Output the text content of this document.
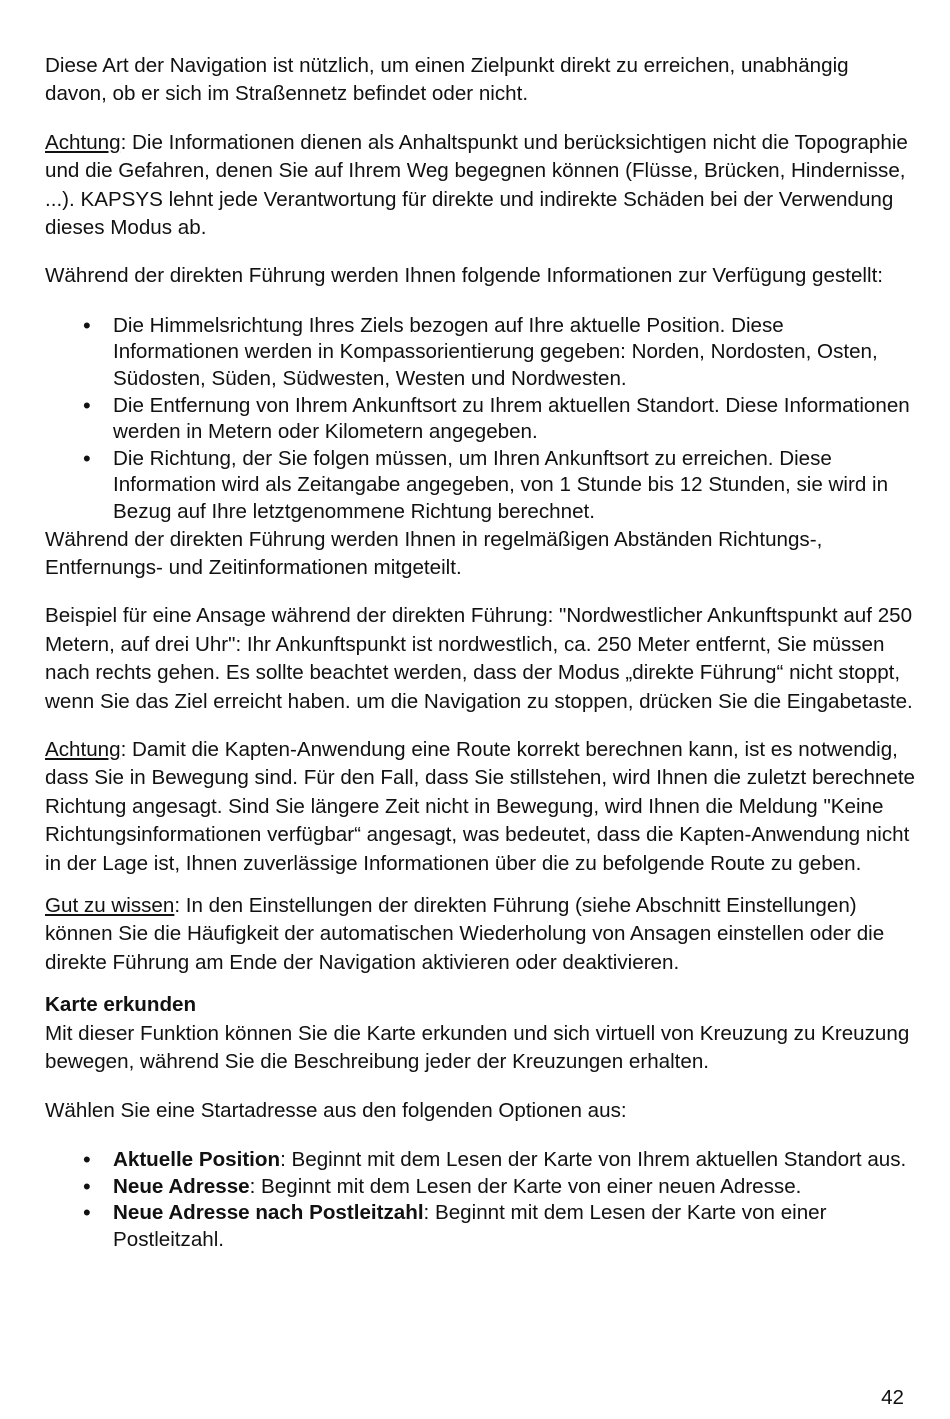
Diese Art der Navigation ist nützlich, um einen Zielpunkt direkt zu erreichen, unabhängig davon, ob er sich im Straßennetz befindet oder nicht.

Achtung: Die Informationen dienen als Anhaltspunkt und berücksichtigen nicht die Topographie und die Gefahren, denen Sie auf Ihrem Weg begegnen können (Flüsse, Brücken, Hindernisse, ...). KAPSYS lehnt jede Verantwortung für direkte und indirekte Schäden bei der Verwendung dieses Modus ab.

Während der direkten Führung werden Ihnen folgende Informationen zur Verfügung gestellt:

• Die Himmelsrichtung Ihres Ziels bezogen auf Ihre aktuelle Position. Diese Informationen werden in Kompassorientierung gegeben: Norden, Nordosten, Osten, Südosten, Süden, Südwesten, Westen und Nordwesten.
• Die Entfernung von Ihrem Ankunftsort zu Ihrem aktuellen Standort. Diese Informationen werden in Metern oder Kilometern angegeben.
• Die Richtung, der Sie folgen müssen, um Ihren Ankunftsort zu erreichen. Diese Information wird als Zeitangabe angegeben, von 1 Stunde bis 12 Stunden, sie wird in Bezug auf Ihre letztgenommene Richtung berechnet.

Während der direkten Führung werden Ihnen in regelmäßigen Abständen Richtungs-, Entfernungs- und Zeitinformationen mitgeteilt.

Beispiel für eine Ansage während der direkten Führung: "Nordwestlicher Ankunftspunkt auf 250 Metern, auf drei Uhr": Ihr Ankunftspunkt ist nordwestlich, ca. 250 Meter entfernt, Sie müssen nach rechts gehen. Es sollte beachtet werden, dass der Modus „direkte Führung“ nicht stoppt, wenn Sie das Ziel erreicht haben. um die Navigation zu stoppen, drücken Sie die Eingabetaste.

Achtung: Damit die Kapten-Anwendung eine Route korrekt berechnen kann, ist es notwendig, dass Sie in Bewegung sind. Für den Fall, dass Sie stillstehen, wird Ihnen die zuletzt berechnete Richtung angesagt. Sind Sie längere Zeit nicht in Bewegung, wird Ihnen die Meldung "Keine Richtungsinformationen verfügbar“ angesagt, was bedeutet, dass die Kapten-Anwendung nicht in der Lage ist, Ihnen zuverlässige Informationen über die zu befolgende Route zu geben.

Gut zu wissen: In den Einstellungen der direkten Führung (siehe Abschnitt Einstellungen) können Sie die Häufigkeit der automatischen Wiederholung von Ansagen einstellen oder die direkte Führung am Ende der Navigation aktivieren oder deaktivieren.

Karte erkunden

Mit dieser Funktion können Sie die Karte erkunden und sich virtuell von Kreuzung zu Kreuzung bewegen, während Sie die Beschreibung jeder der Kreuzungen erhalten.

Wählen Sie eine Startadresse aus den folgenden Optionen aus:

• Aktuelle Position: Beginnt mit dem Lesen der Karte von Ihrem aktuellen Standort aus.
• Neue Adresse: Beginnt mit dem Lesen der Karte von einer neuen Adresse.
• Neue Adresse nach Postleitzahl: Beginnt mit dem Lesen der Karte von einer Postleitzahl.
42
